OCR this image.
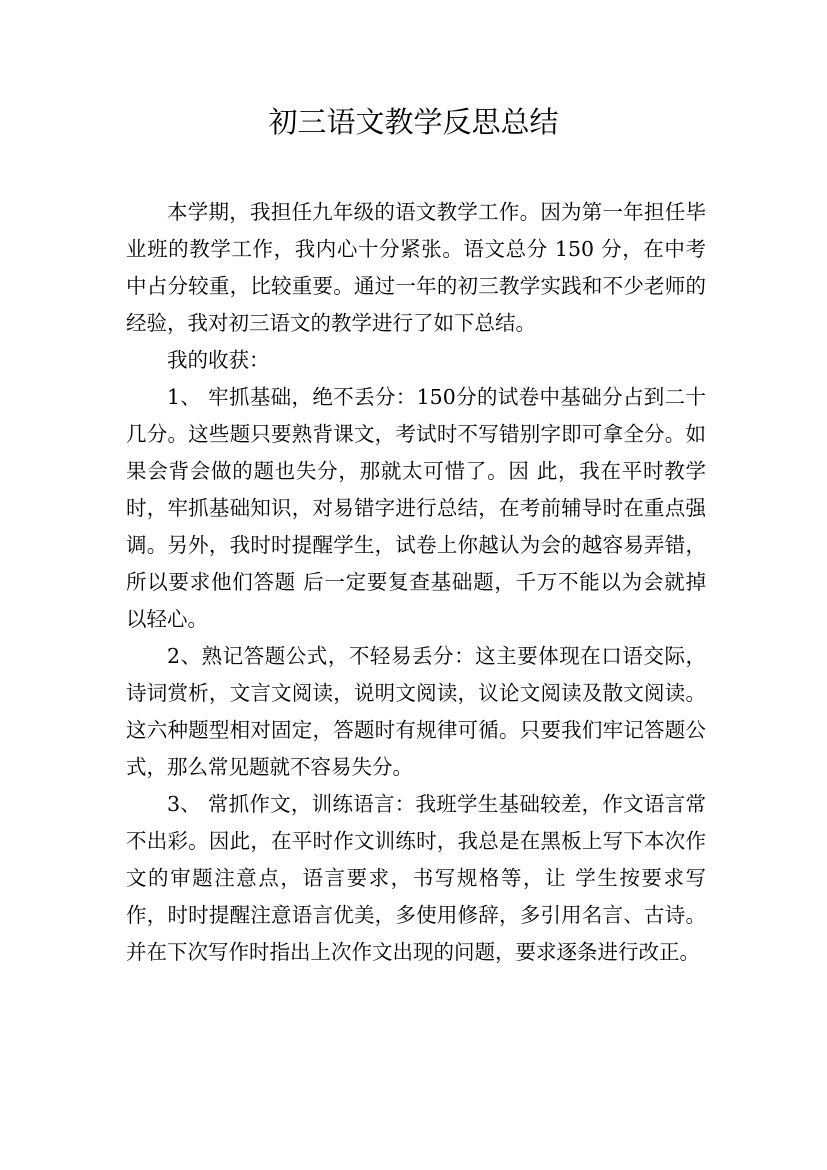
初三语文教学反思总结

本学期，我担任九年级的语文教学工作。因为第一年担任毕业班的教学工作，我内心十分紧张。语文总分 150 分，在中考中占分较重，比较重要。通过一年的初三教学实践和不少老师的经验，我对初三语文的教学进行了如下总结。

我的收获：

1、 牢抓基础，绝不丢分：150分的试卷中基础分占到二十几分。这些题只要熟背课文，考试时不写错别字即可拿全分。如果会背会做的题也失分，那就太可惜了。因 此，我在平时教学时，牢抓基础知识，对易错字进行总结，在考前辅导时在重点强调。另外，我时时提醒学生，试卷上你越认为会的越容易弄错，所以要求他们答题 后一定要复查基础题，千万不能以为会就掉以轻心。

2、熟记答题公式，不轻易丢分：这主要体现在口语交际，诗词赏析，文言文阅读，说明文阅读，议论文阅读及散文阅读。这六种题型相对固定，答题时有规律可循。只要我们牢记答题公式，那么常见题就不容易失分。

3、 常抓作文，训练语言：我班学生基础较差，作文语言常不出彩。因此，在平时作文训练时，我总是在黑板上写下本次作文的审题注意点，语言要求，书写规格等，让 学生按要求写作，时时提醒注意语言优美，多使用修辞，多引用名言、古诗。并在下次写作时指出上次作文出现的问题，要求逐条进行改正。
